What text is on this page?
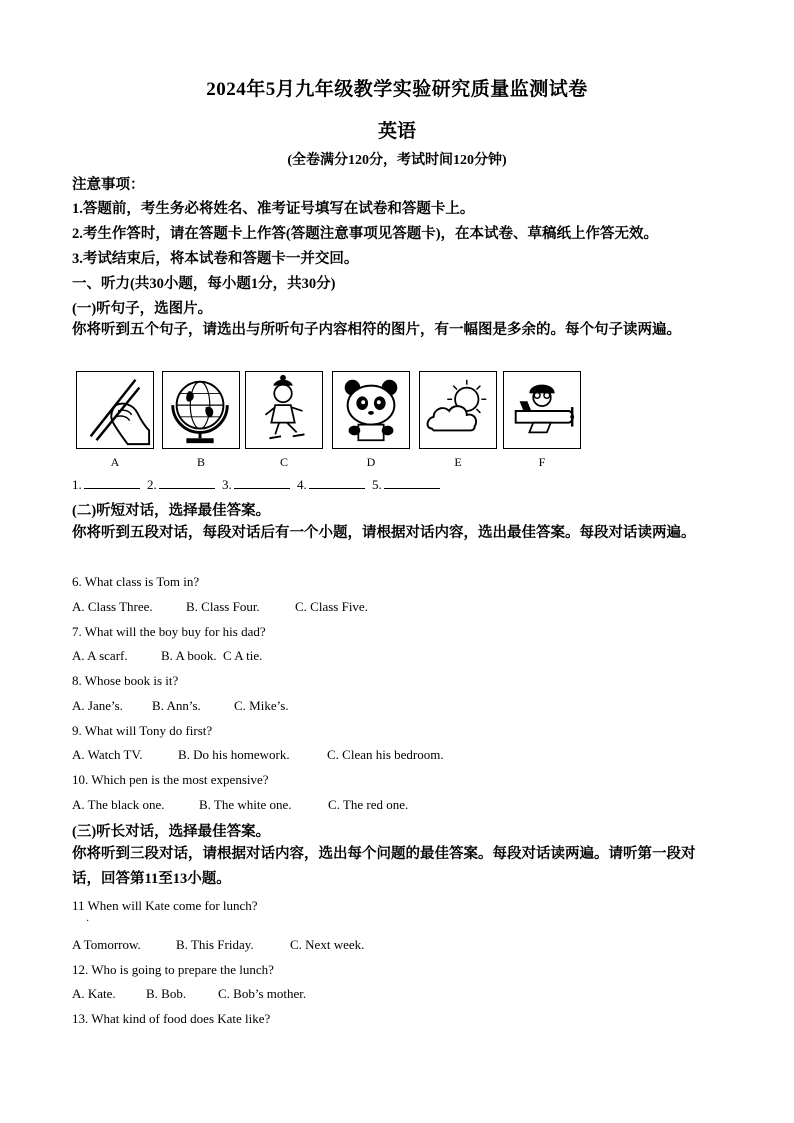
2024年5月九年级教学实验研究质量监测试卷
英语
(全卷满分120分，考试时间120分钟)
注意事项：
1.答题前，考生务必将姓名、准考证号填写在试卷和答题卡上。
2.考生作答时，请在答题卡上作答(答题注意事项见答题卡)，在本试卷、草稿纸上作答无效。
3.考试结束后，将本试卷和答题卡一并交回。
一、听力(共30小题，每小题1分，共30分)
(一)听句子，选图片。
你将听到五个句子，请选出与所听句子内容相符的图片，有一幅图是多余的。每个句子读两遍。
A	B	C	D	E	F
1.	2.	3.	4.	5.
(二)听短对话，选择最佳答案。
你将听到五段对话，每段对话后有一个小题，请根据对话内容，选出最佳答案。每段对话读两遍。
6. What class is Tom in?
A. Class Three.	B. Class Four.	C. Class Five.
7. What will the boy buy for his dad?
A. A scarf.	B. A book. C A tie.
8. Whose book is it?
A. Jane’s. B. Ann’s.	C. Mike’s.
9. What will Tony do first?
A. Watch TV.	B. Do his homework.	C. Clean his bedroom.
10. Which pen is the most expensive?
A. The black one.	B. The white one.	C. The red one.
(三)听长对话，选择最佳答案。
你将听到三段对话，请根据对话内容，选出每个问题的最佳答案。每段对话读两遍。请听第一段对话，回答第11至13小题。
11 When will Kate come for lunch?
·
A Tomorrow.	B. This Friday.	C. Next week.
12. Who is going to prepare the lunch?
A. Kate. B. Bob. C. Bob’s mother.
13. What kind of food does Kate like?
